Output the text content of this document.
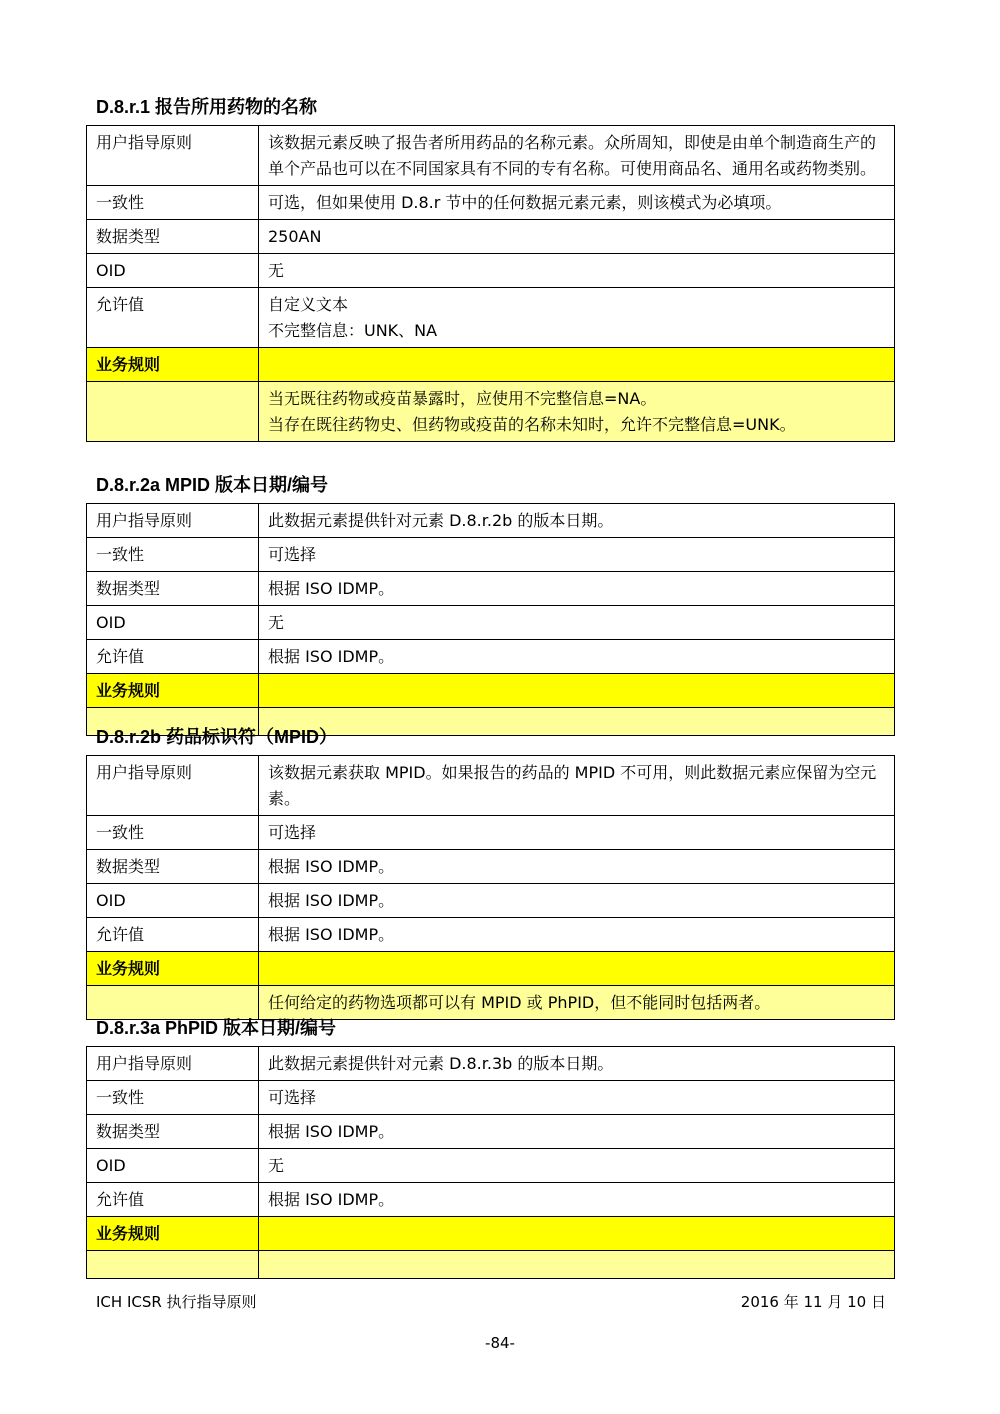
D.8.r.1 报告所用药物的名称
用户指导原则	该数据元素反映了报告者所用药品的名称元素。众所周知，即使是由单个制造商生产的单个产品也可以在不同国家具有不同的专有名称。可使用商品名、通用名或药物类别。

一致性	可选，但如果使用 D.8.r 节中的任何数据元素元素，则该模式为必填项。

数据类型	250AN

OID	无

允许值	自定义文本
不完整信息：UNK、NA

业务规则	

	当无既往药物或疫苗暴露时，应使用不完整信息=NA。
当存在既往药物史、但药物或疫苗的名称未知时，允许不完整信息=UNK。
D.8.r.2a MPID 版本日期/编号
用户指导原则	此数据元素提供针对元素 D.8.r.2b 的版本日期。
一致性	可选择
数据类型	根据 ISO IDMP。
OID	无
允许值	根据 ISO IDMP。
业务规则	

D.8.r.2b 药品标识符（MPID）
用户指导原则	该数据元素获取 MPID。如果报告的药品的 MPID 不可用，则此数据元素应保留为空元素。
一致性	可选择
数据类型	根据 ISO IDMP。
OID	根据 ISO IDMP。
允许值	根据 ISO IDMP。
业务规则	
	任何给定的药物选项都可以有 MPID 或 PhPID，但不能同时包括两者。
D.8.r.3a PhPID 版本日期/编号
用户指导原则	此数据元素提供针对元素 D.8.r.3b 的版本日期。
一致性	可选择
数据类型	根据 ISO IDMP。
OID	无
允许值	根据 ISO IDMP。
业务规则	

ICH ICSR 执行指导原则	2016 年 11 月 10 日
-84-
